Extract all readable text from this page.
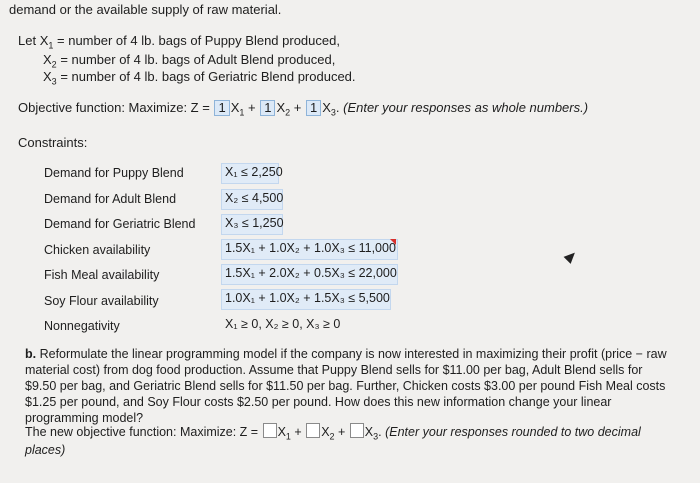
demand or the available supply of raw material.
Let $X_1$ = number of 4 lb. bags of Puppy Blend produced,
$X_2$ = number of 4 lb. bags of Adult Blend produced,
$X_3$ = number of 4 lb. bags of Geriatric Blend produced.
Objective function: Maximize: Z = 1 $X_1 + 1$ $X_2 + 1$ $X_3$. (Enter your responses as whole numbers.)
Constraints:
Demand for Puppy Blend
Demand for Adult Blend
Demand for Geriatric Blend
Chicken availability
Fish Meal availability
Soy Flour availability
Nonnegativity
X₁ ≤ 2,250
X₂ ≤ 4,500
X₃ ≤ 1,250
1.5X₁ + 1.0X₂ + 1.0X₃ ≤ 11,000
1.5X₁ + 2.0X₂ + 0.5X₃ ≤ 22,000
1.0X₁ + 1.0X₂ + 1.5X₃ ≤ 5,500
X₁ ≥ 0, X₂ ≥ 0, X₃ ≥ 0
b. Reformulate the linear programming model if the company is now interested in maximizing their profit (price − raw material cost) from dog food production. Assume that Puppy Blend sells for $11.00 per bag, Adult Blend sells for $9.50 per bag, and Geriatric Blend sells for $11.50 per bag. Further, Chicken costs $3.00 per pound Fish Meal costs $1.25 per pound, and Soy Flour costs $2.50 per pound. How does this new information change your linear programming model?
The new objective function: Maximize: $Z = X_1 + X_2 + X_3$. (Enter your responses rounded to two decimal places)
